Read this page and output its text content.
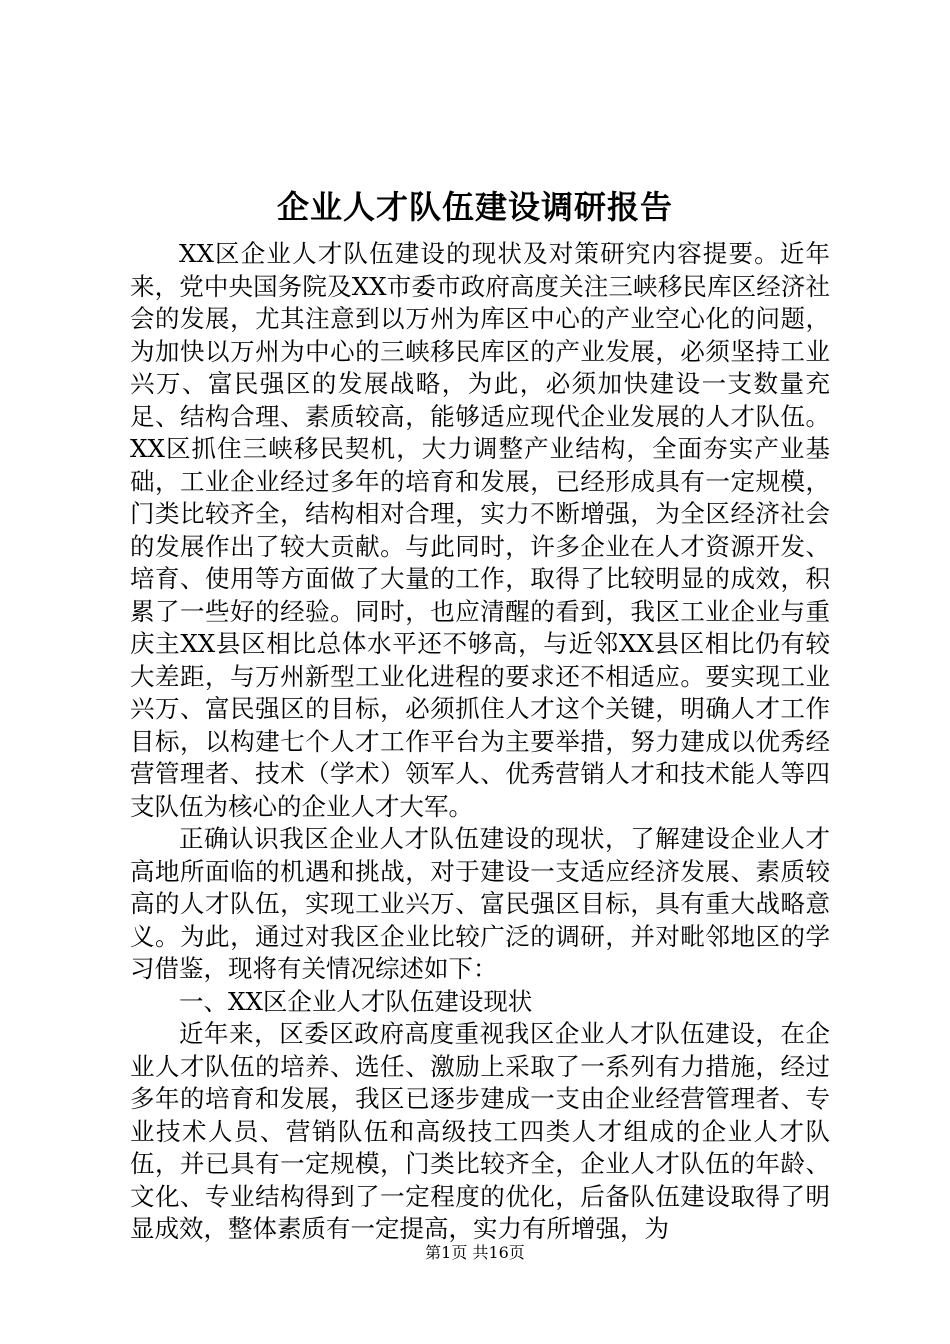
企业人才队伍建设调研报告

XX区企业人才队伍建设的现状及对策研究内容提要。近年来，党中央国务院及XX市委市政府高度关注三峡移民库区经济社会的发展，尤其注意到以万州为库区中心的产业空心化的问题，为加快以万州为中心的三峡移民库区的产业发展，必须坚持工业兴万、富民强区的发展战略，为此，必须加快建设一支数量充足、结构合理、素质较高，能够适应现代企业发展的人才队伍。XX区抓住三峡移民契机，大力调整产业结构，全面夯实产业基础，工业企业经过多年的培育和发展，已经形成具有一定规模，门类比较齐全，结构相对合理，实力不断增强，为全区经济社会的发展作出了较大贡献。与此同时，许多企业在人才资源开发、培育、使用等方面做了大量的工作，取得了比较明显的成效，积累了一些好的经验。同时，也应清醒的看到，我区工业企业与重庆主XX县区相比总体水平还不够高，与近邻XX县区相比仍有较大差距，与万州新型工业化进程的要求还不相适应。要实现工业兴万、富民强区的目标，必须抓住人才这个关键，明确人才工作目标，以构建七个人才工作平台为主要举措，努力建成以优秀经营管理者、技术（学术）领军人、优秀营销人才和技术能人等四支队伍为核心的企业人才大军。

正确认识我区企业人才队伍建设的现状，了解建设企业人才高地所面临的机遇和挑战，对于建设一支适应经济发展、素质较高的人才队伍，实现工业兴万、富民强区目标，具有重大战略意义。为此，通过对我区企业比较广泛的调研，并对毗邻地区的学习借鉴，现将有关情况综述如下：

一、XX区企业人才队伍建设现状

近年来，区委区政府高度重视我区企业人才队伍建设，在企业人才队伍的培养、选任、激励上采取了一系列有力措施，经过多年的培育和发展，我区已逐步建成一支由企业经营管理者、专业技术人员、营销队伍和高级技工四类人才组成的企业人才队伍，并已具有一定规模，门类比较齐全，企业人才队伍的年龄、文化、专业结构得到了一定程度的优化，后备队伍建设取得了明显成效，整体素质有一定提高，实力有所增强，为

第1页 共16页
